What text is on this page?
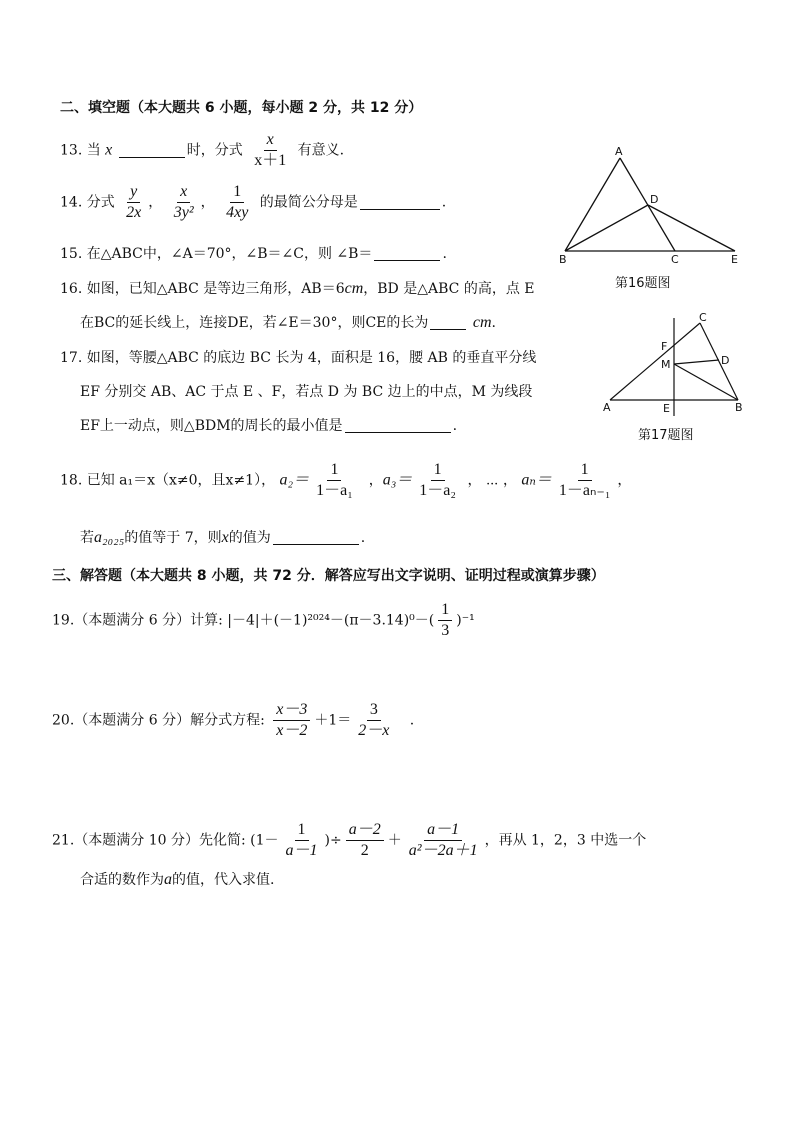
二、填空题（本大题共 6 小题，每小题 2 分，共 12 分）
13. 当 x	时，分式 $\frac{x}{x+1}$ 有意义.
14. 分式 $\frac{y}{2x}$ ， $\frac{x}{\text{3y²}}$ ， $\frac{1}{4xy}$ 的最简公分母是	.
15. 在△ABC中，∠A＝70°，∠B＝∠C，则 ∠B＝	.
16. 如图，已知△ABC 是等边三角形，AB＝6cm，BD 是△ABC 的高，点 E
在BC的延长线上，连接DE，若∠E＝30°，则CE的长为	cm.
17. 如图，等腰△ABC 的底边 BC 长为 4，面积是 16，腰 AB 的垂直平分线
EF 分别交 AB、AC 于点 E 、F，若点 D 为 BC 边上的中点，M 为线段
EF上一动点，则△BDM的周长的最小值是	.
18. 已知 a₁＝x（x≠0，且x≠1）， $a_2= \frac{1}{\text{1－a₁}}$ ，$a_3= \frac{1}{\text{1－a₂}}$ ， ⋯ ， $a_n= \frac{1}{\text{1－aₙ₋₁}}$ ，
若a₂₀₂₅的值等于 7，则x的值为	.
三、解答题（本大题共 8 小题，共 72 分．解答应写出文字说明、证明过程或演算步骤）
19.（本题满分 6 分）计算: $|-4|+(-1)^{2024}-(\pi-3.14)^0-( \frac{1}{3} )^{-1}$
20.（本题满分 6 分）解分式方程: $\frac{x-3}{x-2} +1= \frac{3}{2-x}$ .
21.（本题满分 10 分）先化简: ($1- \frac{1}{a-1}$ )÷ $\frac{a-2}{2} + \frac{a-1}{\text{a²－2a＋1}}$ ，再从 1，2，3 中选一个
合适的数作为a的值，代入求值.
A
B	C
D
E
第16题图
C
F
M	D
A	E	B
第17题图
